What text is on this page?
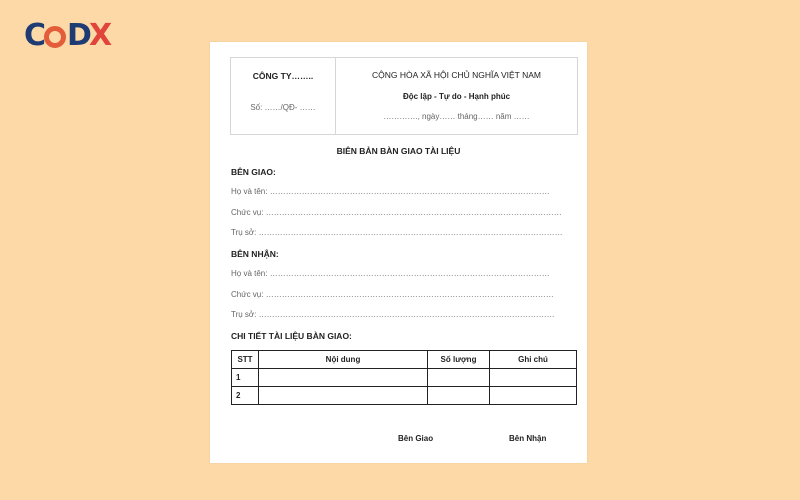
C D
X
CÔNG TY……..
Số: ……/QĐ- ……
CỘNG HÒA XÃ HỘI CHỦ NGHĨA VIỆT NAM
Độc lập - Tự do - Hạnh phúc
…………., ngày…… tháng…… năm ……
BIÊN BẢN BÀN GIAO TÀI LIỆU
BÊN GIAO:
Họ và tên: ……………………………………………………………………………………………
Chức vụ: …………………………………………………………………………………………………
Trụ sở: ……………………………………………………………………………………………………
BÊN NHẬN:
Họ và tên: ……………………………………………………………………………………………
Chức vụ: ………………………………………………………………………………………………
Trụ sở: …………………………………………………………………………………………………
CHI TIẾT TÀI LIỆU BÀN GIAO:
STT	Nội dung	Số lượng	Ghi chú
1			
2			
Bên Giao	Bên Nhận
